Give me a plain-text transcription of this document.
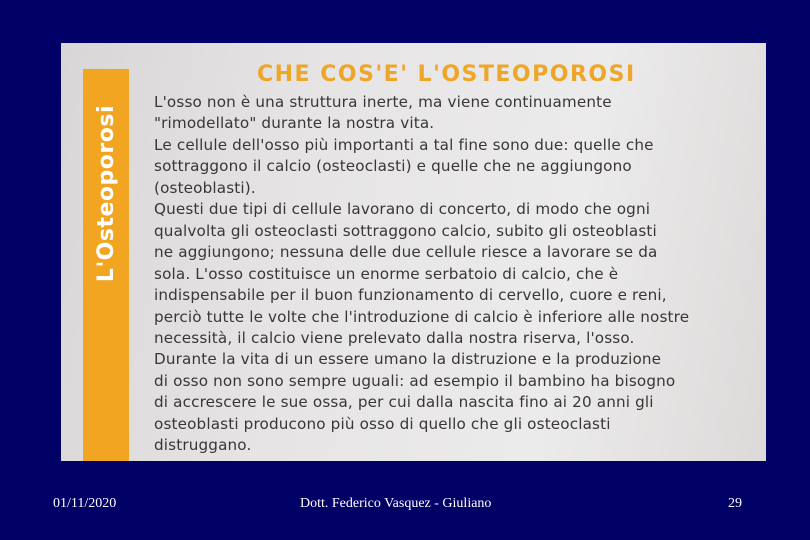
L'Osteoporosi
CHE COS'E' L'OSTEOPOROSI
L'osso non è una struttura inerte, ma viene continuamente
"rimodellato" durante la nostra vita.
Le cellule dell'osso più importanti a tal fine sono due: quelle che
sottraggono il calcio (osteoclasti) e quelle che ne aggiungono
(osteoblasti).
Questi due tipi di cellule lavorano di concerto, di modo che ogni
qualvolta gli osteoclasti sottraggono calcio, subito gli osteoblasti
ne aggiungono; nessuna delle due cellule riesce a lavorare se da
sola. L'osso costituisce un enorme serbatoio di calcio, che è
indispensabile per il buon funzionamento di cervello, cuore e reni,
perciò tutte le volte che l'introduzione di calcio è inferiore alle nostre
necessità, il calcio viene prelevato dalla nostra riserva, l'osso.
Durante la vita di un essere umano la distruzione e la produzione
di osso non sono sempre uguali: ad esempio il bambino ha bisogno
di accrescere le sue ossa, per cui dalla nascita fino ai 20 anni gli
osteoblasti producono più osso di quello che gli osteoclasti
distruggano.
01/11/2020	Dott. Federico Vasquez - Giuliano	29
